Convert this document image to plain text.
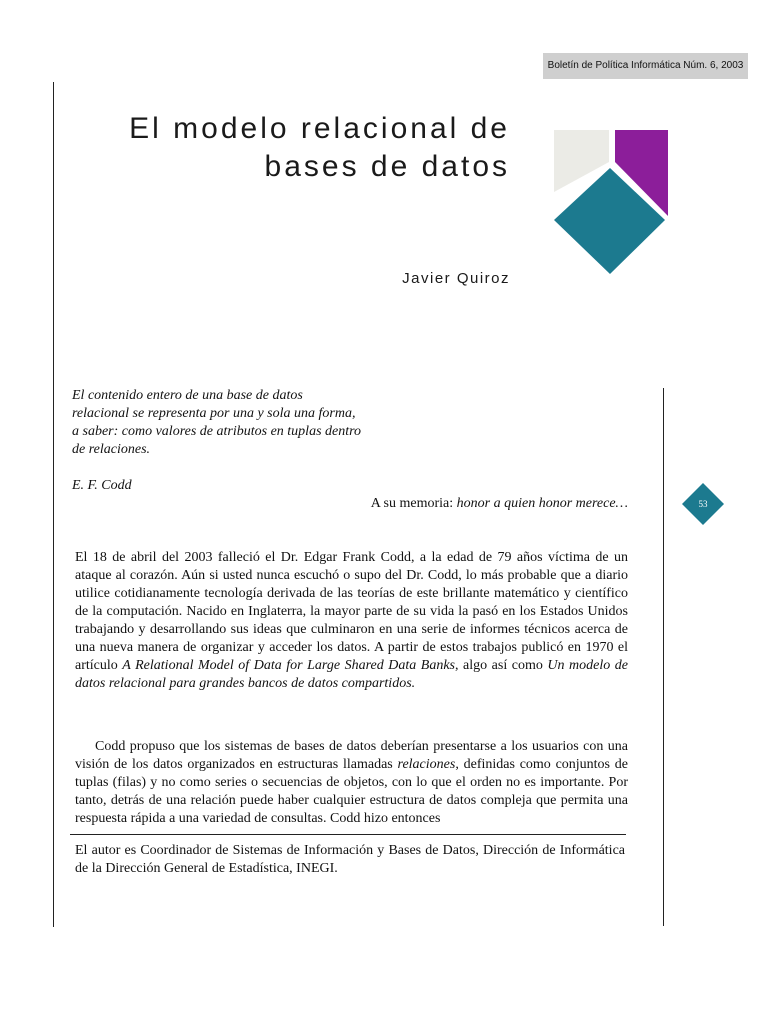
Boletín de Política Informática Núm. 6, 2003
El modelo relacional de
bases de datos
Javier Quiroz
El contenido entero de una base de datos relacional se representa por una y sola una forma, a saber: como valores de atributos en tuplas dentro de relaciones.
E. F. Codd
A su memoria: honor a quien honor merece…	53

El 18 de abril del 2003 falleció el Dr. Edgar Frank Codd, a la edad de 79 años víctima de un ataque al corazón. Aún si usted nunca escuchó o supo del Dr. Codd, lo más probable que a diario utilice cotidianamente tecnología derivada de las teorías de este brillante matemático y científico de la computación. Nacido en Inglaterra, la mayor parte de su vida la pasó en los Estados Unidos trabajando y desarrollando sus ideas que culminaron en una serie de informes técnicos acerca de una nueva manera de organizar y acceder los datos. A partir de estos trabajos publicó en 1970 el artículo A Relational Model of Data for Large Shared Data Banks, algo así como Un modelo de datos relacional para grandes bancos de datos compartidos.

Codd propuso que los sistemas de bases de datos deberían presentarse a los usuarios con una visión de los datos organizados en estructuras llamadas relaciones, definidas como conjuntos de tuplas (filas) y no como series o secuencias de objetos, con lo que el orden no es importante. Por tanto, detrás de una relación puede haber cualquier estructura de datos compleja que permita una respuesta rápida a una variedad de consultas. Codd hizo entonces

El autor es Coordinador de Sistemas de Información y Bases de Datos, Dirección de Informática de la Dirección General de Estadística, INEGI.
